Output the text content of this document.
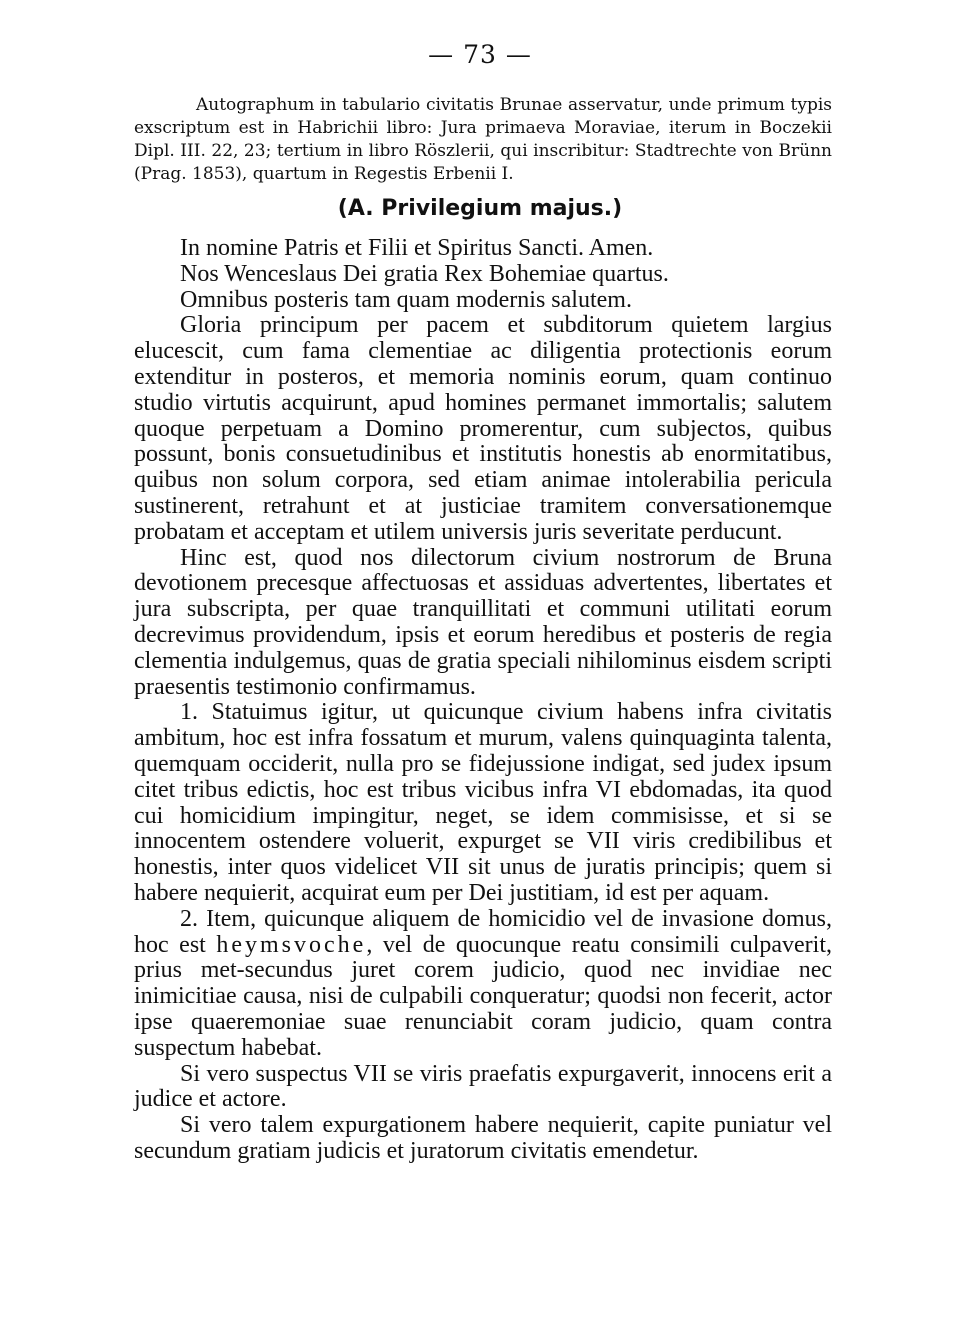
— 73 —

Autographum in tabulario civitatis Brunae asservatur, unde primum typis exscriptum est in Habrichii libro: Jura primaeva Moraviae, iterum in Boczekii Dipl. III. 22, 23; tertium in libro Röszlerii, qui inscribitur: Stadtrechte von Brünn (Prag. 1853), quartum in Regestis Erbenii I.

(A. Privilegium majus.)

In nomine Patris et Filii et Spiritus Sancti. Amen.

Nos Wenceslaus Dei gratia Rex Bohemiae quartus.

Omnibus posteris tam quam modernis salutem.

Gloria principum per pacem et subditorum quietem largius elucescit, cum fama clementiae ac diligentia protectionis eorum extenditur in posteros, et memoria nominis eorum, quam continuo studio virtutis acquirunt, apud homines permanet immortalis; salutem quoque perpetuam a Domino promerentur, cum subjectos, quibus possunt, bonis consuetudinibus et institutis honestis ab enormitatibus, quibus non solum corpora, sed etiam animae intolerabilia pericula sustinerent, retrahunt et at justiciae tramitem conversationemque probatam et acceptam et utilem universis juris severitate perducunt.

Hinc est, quod nos dilectorum civium nostrorum de Bruna devotionem precesque affectuosas et assiduas advertentes, libertates et jura subscripta, per quae tranquillitati et communi utilitati eorum decrevimus providendum, ipsis et eorum heredibus et posteris de regia clementia indulgemus, quas de gratia speciali nihilominus eisdem scripti praesentis testimonio confirmamus.

1. Statuimus igitur, ut quicunque civium habens infra civitatis ambitum, hoc est infra fossatum et murum, valens quinquaginta talenta, quemquam occiderit, nulla pro se fidejussione indigat, sed judex ipsum citet tribus edictis, hoc est tribus vicibus infra VI ebdomadas, ita quod cui homicidium impingitur, neget, se idem commisisse, et si se innocentem ostendere voluerit, expurget se VII viris credibilibus et honestis, inter quos videlicet VII sit unus de juratis principis; quem si habere nequierit, acquirat eum per Dei justitiam, id est per aquam.

2. Item, quicunque aliquem de homicidio vel de invasione domus, hoc est heymsvoche, vel de quocunque reatu consimili culpaverit, prius met-secundus juret corem judicio, quod nec invidiae nec inimicitiae causa, nisi de culpabili conqueratur; quodsi non fecerit, actor ipse quaeremoniae suae renunciabit coram judicio, quam contra suspectum habebat.

Si vero suspectus VII se viris praefatis expurgaverit, innocens erit a judice et actore.

Si vero talem expurgationem habere nequierit, capite puniatur vel secundum gratiam judicis et juratorum civitatis emendetur.
